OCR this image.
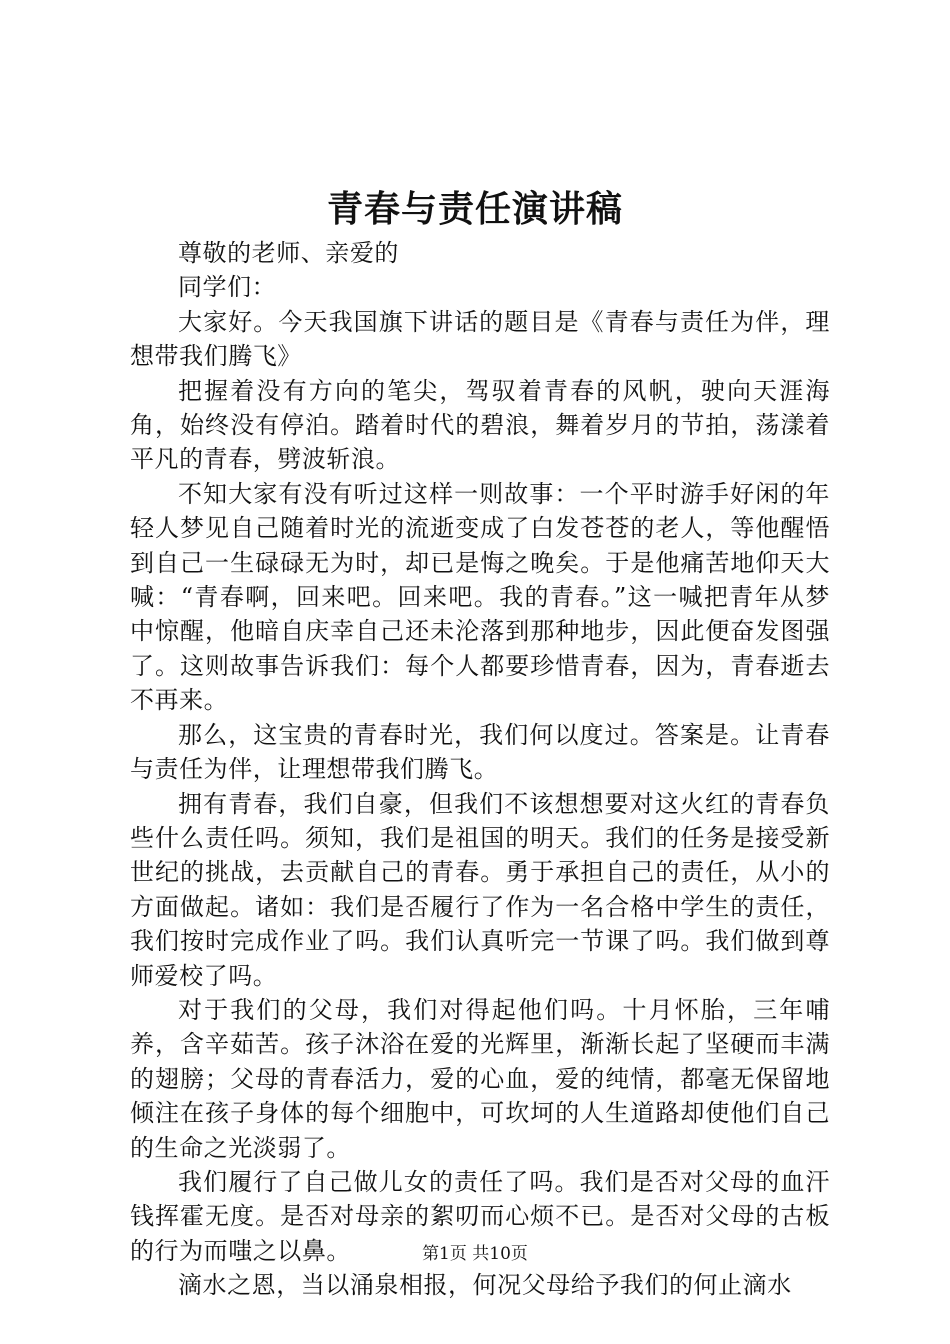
青春与责任演讲稿

尊敬的老师、亲爱的

同学们：

大家好。今天我国旗下讲话的题目是《青春与责任为伴，理想带我们腾飞》

把握着没有方向的笔尖，驾驭着青春的风帆，驶向天涯海角，始终没有停泊。踏着时代的碧浪，舞着岁月的节拍，荡漾着平凡的青春，劈波斩浪。

不知大家有没有听过这样一则故事：一个平时游手好闲的年轻人梦见自己随着时光的流逝变成了白发苍苍的老人，等他醒悟到自己一生碌碌无为时，却已是悔之晚矣。于是他痛苦地仰天大喊：“青春啊，回来吧。回来吧。我的青春。”这一喊把青年从梦中惊醒，他暗自庆幸自己还未沦落到那种地步，因此便奋发图强了。这则故事告诉我们：每个人都要珍惜青春，因为，青春逝去不再来。

那么，这宝贵的青春时光，我们何以度过。答案是。让青春与责任为伴，让理想带我们腾飞。

拥有青春，我们自豪，但我们不该想想要对这火红的青春负些什么责任吗。须知，我们是祖国的明天。我们的任务是接受新世纪的挑战，去贡献自己的青春。勇于承担自己的责任，从小的方面做起。诸如：我们是否履行了作为一名合格中学生的责任，我们按时完成作业了吗。我们认真听完一节课了吗。我们做到尊师爱校了吗。

对于我们的父母，我们对得起他们吗。十月怀胎，三年哺养，含辛茹苦。孩子沐浴在爱的光辉里，渐渐长起了坚硬而丰满的翅膀；父母的青春活力，爱的心血，爱的纯情，都毫无保留地倾注在孩子身体的每个细胞中，可坎坷的人生道路却使他们自己的生命之光淡弱了。

我们履行了自己做儿女的责任了吗。我们是否对父母的血汗钱挥霍无度。是否对母亲的絮叨而心烦不已。是否对父母的古板的行为而嗤之以鼻。

滴水之恩，当以涌泉相报，何况父母给予我们的何止滴水

第1页 共10页
